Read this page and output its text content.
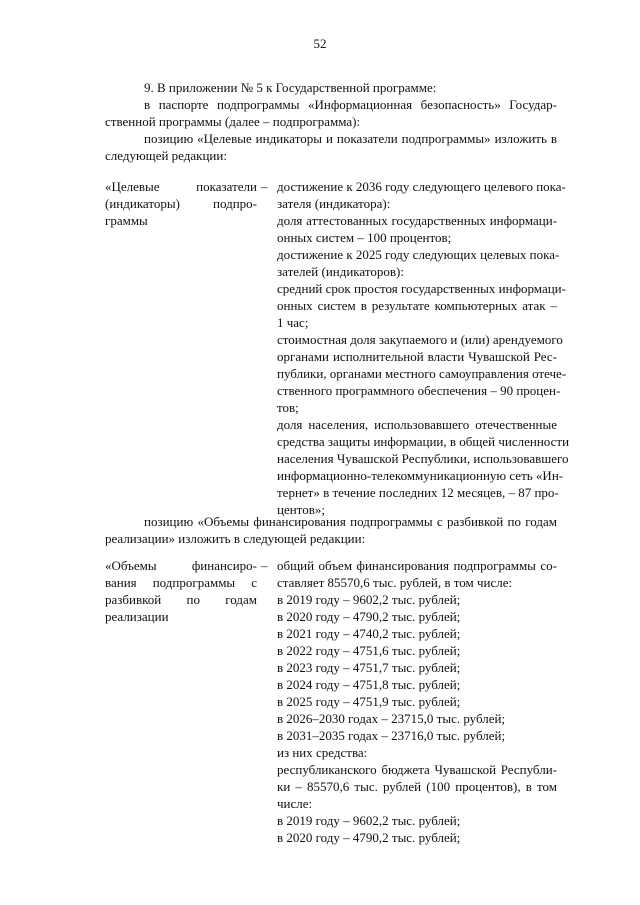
52
9. В приложении № 5 к Государственной программе:
в паспорте подпрограммы «Информационная безопасность» Государ-
ственной программы (далее – подпрограмма):
позицию «Целевые индикаторы и показатели подпрограммы» изложить в
следующей редакции:
«Целевые показатели
(индикаторы) подпро-
граммы
– достижение к 2036 году следующего целевого пока-
зателя (индикатора):
доля аттестованных государственных информаци-
онных систем – 100 процентов;
достижение к 2025 году следующих целевых пока-
зателей (индикаторов):
средний срок простоя государственных информаци-
онных систем в результате компьютерных атак –
1 час;
стоимостная доля закупаемого и (или) арендуемого
органами исполнительной власти Чувашской Рес-
публики, органами местного самоуправления отече-
ственного программного обеспечения – 90 процен-
тов;
доля населения, использовавшего отечественные
средства защиты информации, в общей численности
населения Чувашской Республики, использовавшего
информационно-телекоммуникационную сеть «Ин-
тернет» в течение последних 12 месяцев, – 87 про-
центов»;
позицию «Объемы финансирования подпрограммы с разбивкой по годам
реализации» изложить в следующей редакции:
«Объемы финансиро-
вания подпрограммы с
разбивкой по годам
реализации
– общий объем финансирования подпрограммы со-
ставляет 85570,6 тыс. рублей, в том числе:
в 2019 году – 9602,2 тыс. рублей;
в 2020 году – 4790,2 тыс. рублей;
в 2021 году – 4740,2 тыс. рублей;
в 2022 году – 4751,6 тыс. рублей;
в 2023 году – 4751,7 тыс. рублей;
в 2024 году – 4751,8 тыс. рублей;
в 2025 году – 4751,9 тыс. рублей;
в 2026–2030 годах – 23715,0 тыс. рублей;
в 2031–2035 годах – 23716,0 тыс. рублей;
из них средства:
республиканского бюджета Чувашской Республи-
ки – 85570,6 тыс. рублей (100 процентов), в том
числе:
в 2019 году – 9602,2 тыс. рублей;
в 2020 году – 4790,2 тыс. рублей;
